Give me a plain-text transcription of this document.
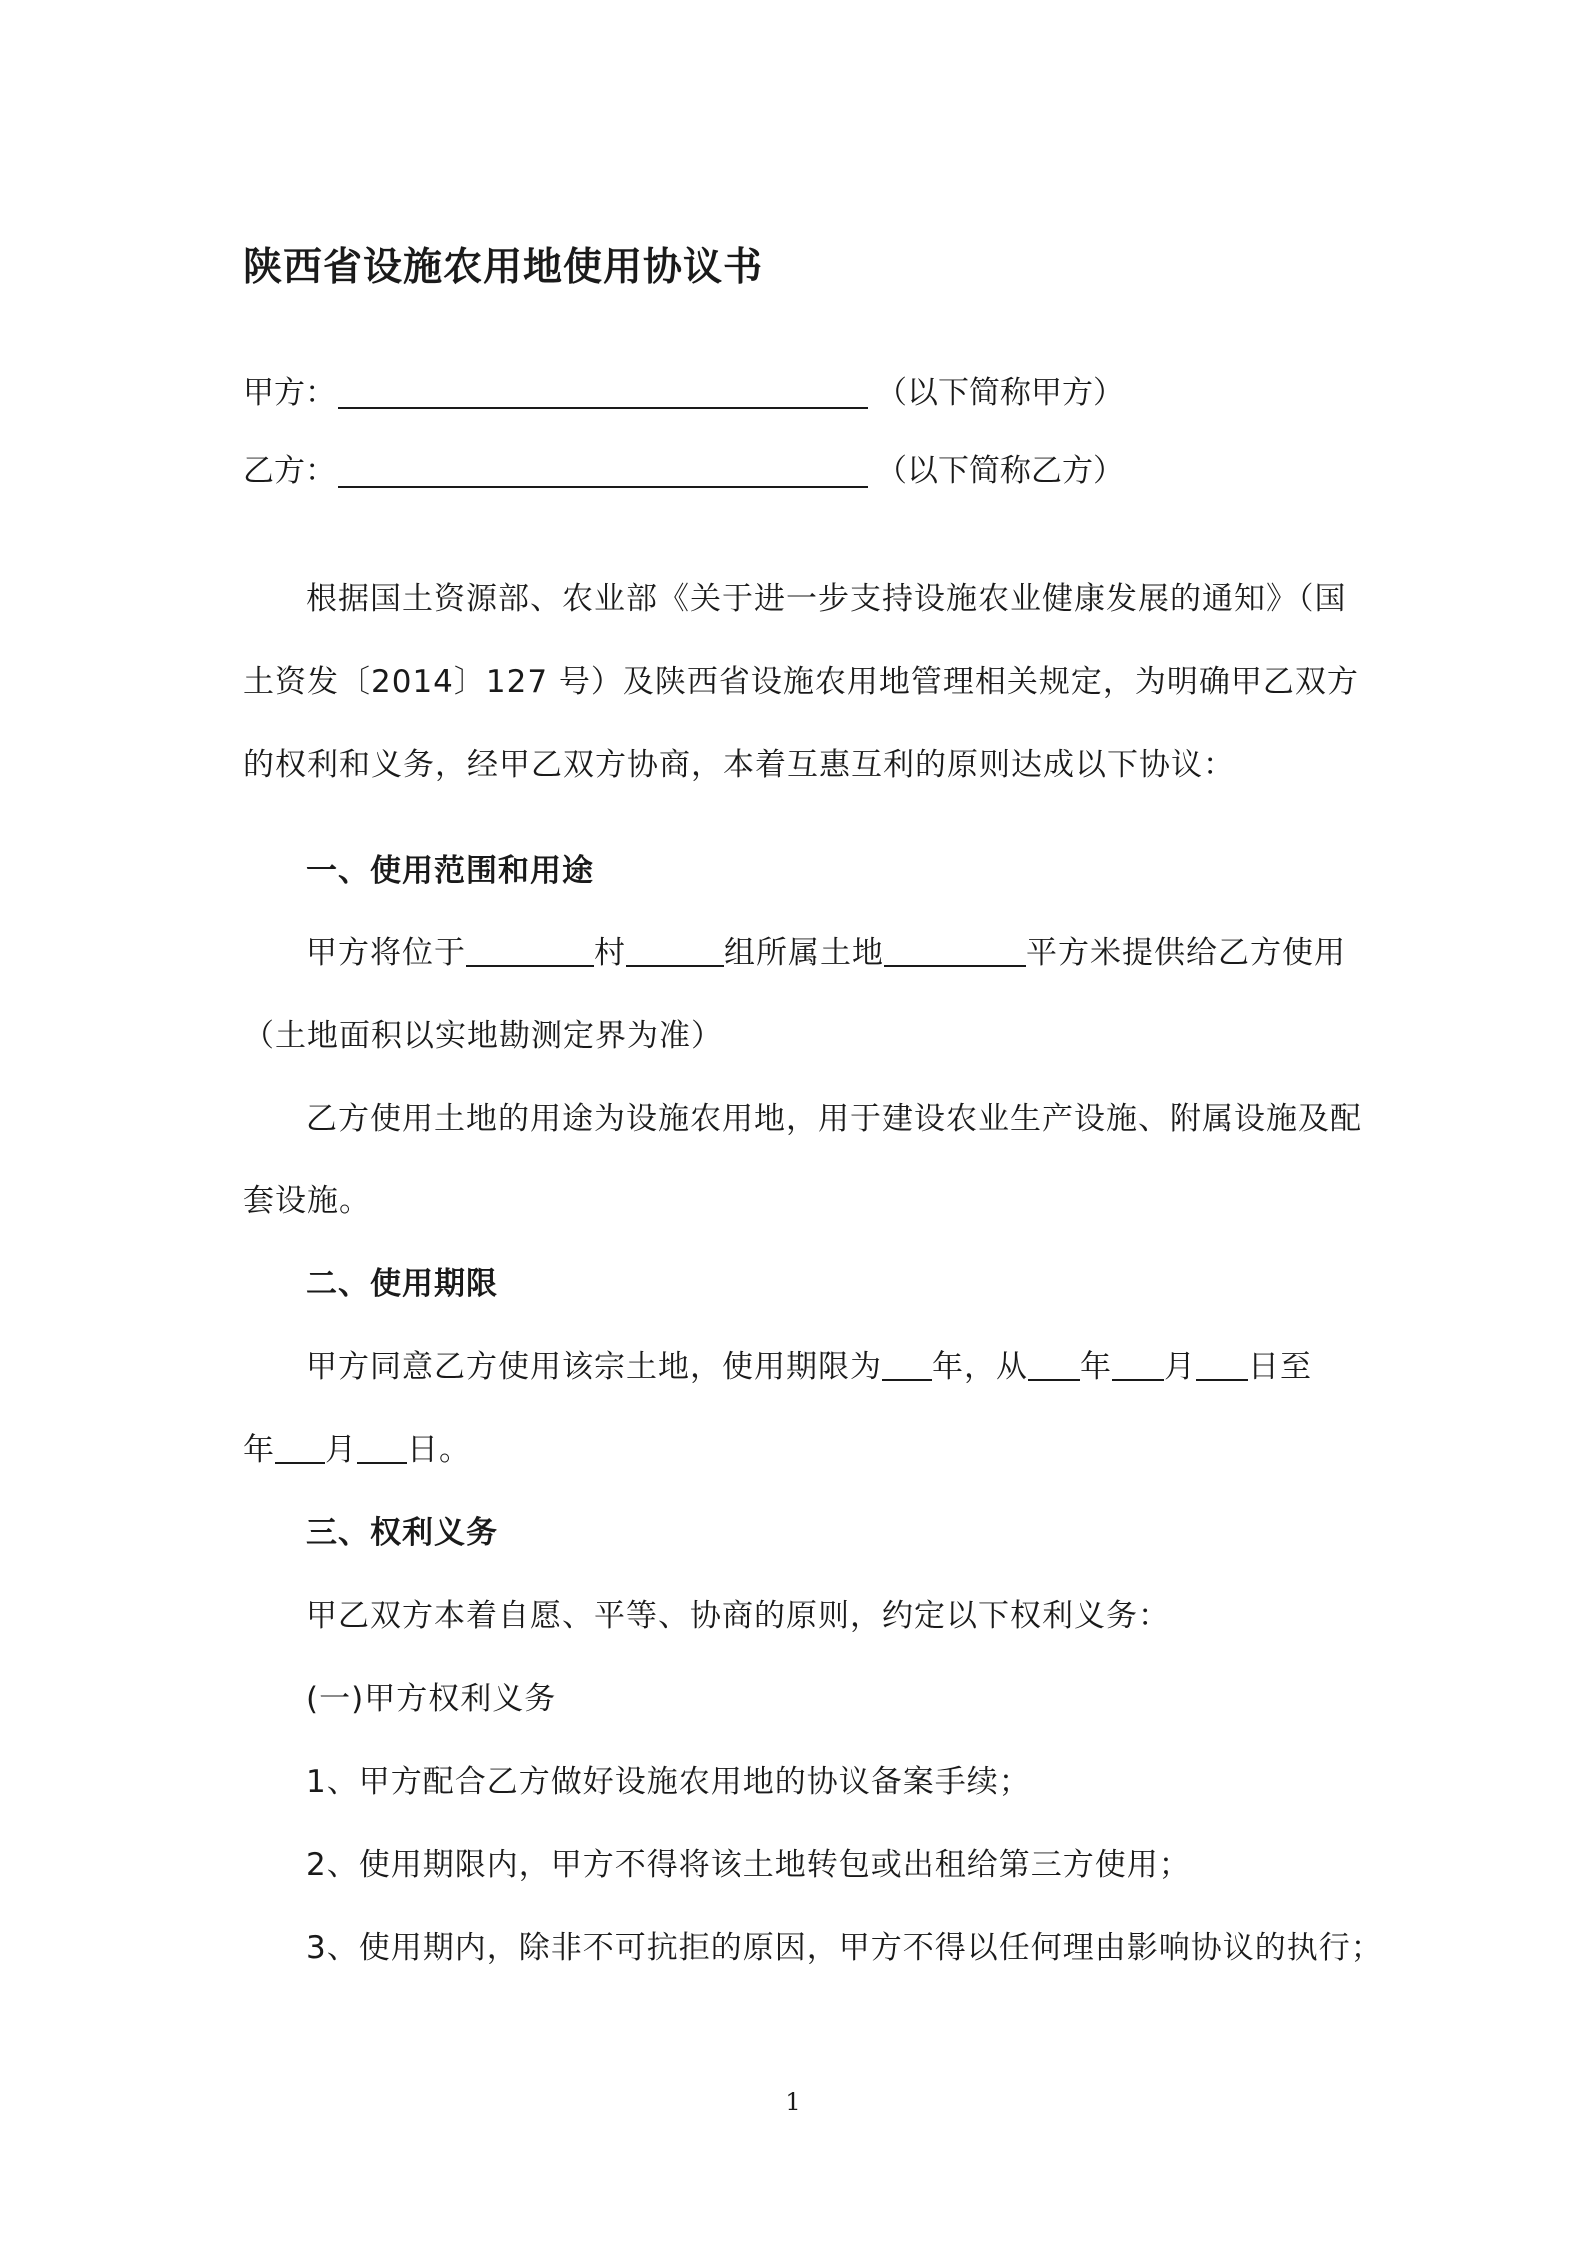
陕西省设施农用地使用协议书
甲方：	（以下简称甲方）
乙方：	（以下简称乙方）
根据国土资源部、农业部《关于进一步支持设施农业健康发展的通知》（国
土资发〔2014〕127 号）及陕西省设施农用地管理相关规定，为明确甲乙双方
的权利和义务，经甲乙双方协商，本着互惠互利的原则达成以下协议：
一、使用范围和用途
甲方将位于	村	组所属土地	平方米提供给乙方使用
（土地面积以实地勘测定界为准）
乙方使用土地的用途为设施农用地，用于建设农业生产设施、附属设施及配
套设施。
二、使用期限
甲方同意乙方使用该宗土地，使用期限为 年，从 年 月 日至
年 月 日。
三、权利义务
甲乙双方本着自愿、平等、协商的原则，约定以下权利义务：
(一)甲方权利义务
1、甲方配合乙方做好设施农用地的协议备案手续；
2、使用期限内，甲方不得将该土地转包或出租给第三方使用；
3、使用期内，除非不可抗拒的原因，甲方不得以任何理由影响协议的执行；
1
